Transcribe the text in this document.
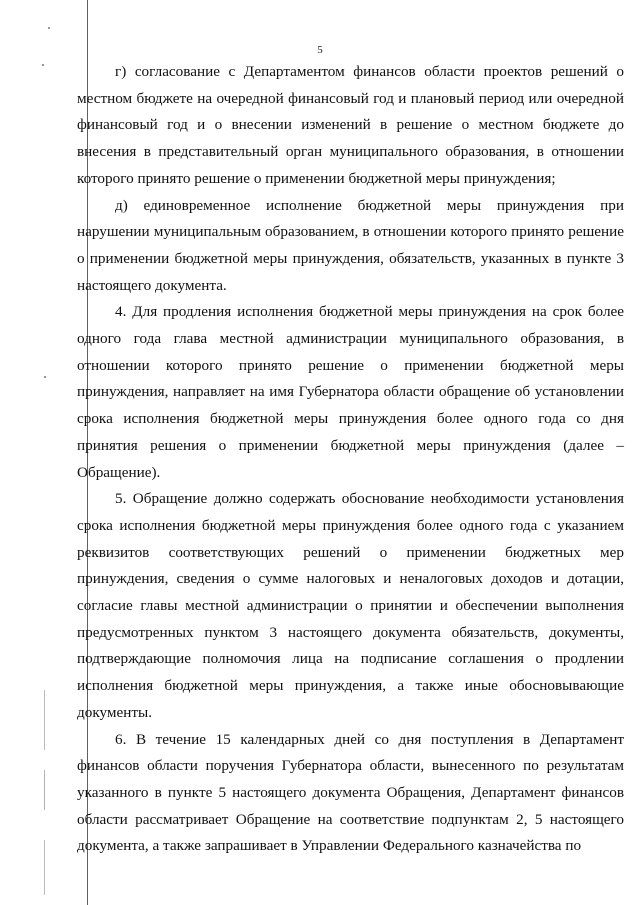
5

г) согласование с Департаментом финансов области проектов решений о местном бюджете на очередной финансовый год и плановый период или очередной финансовый год и о внесении изменений в решение о местном бюджете до внесения в представительный орган муниципального образования, в отношении которого принято решение о применении бюджетной меры принуждения;

д) единовременное исполнение бюджетной меры принуждения при нарушении муниципальным образованием, в отношении которого принято решение о применении бюджетной меры принуждения, обязательств, указанных в пункте 3 настоящего документа.

4. Для продления исполнения бюджетной меры принуждения на срок более одного года глава местной администрации муниципального образования, в отношении которого принято решение о применении бюджетной меры принуждения, направляет на имя Губернатора области обращение об установлении срока исполнения бюджетной меры принуждения более одного года со дня принятия решения о применении бюджетной меры принуждения (далее – Обращение).

5. Обращение должно содержать обоснование необходимости установления срока исполнения бюджетной меры принуждения более одного года с указанием реквизитов соответствующих решений о применении бюджетных мер принуждения, сведения о сумме налоговых и неналоговых доходов и дотации, согласие главы местной администрации о принятии и обеспечении выполнения предусмотренных пунктом 3 настоящего документа обязательств, документы, подтверждающие полномочия лица на подписание соглашения о продлении исполнения бюджетной меры принуждения, а также иные обосновывающие документы.

6. В течение 15 календарных дней со дня поступления в Департамент финансов области поручения Губернатора области, вынесенного по результатам указанного в пункте 5 настоящего документа Обращения, Департамент финансов области рассматривает Обращение на соответствие подпунктам 2, 5 настоящего документа, а также запрашивает в Управлении Федерального казначейства по
